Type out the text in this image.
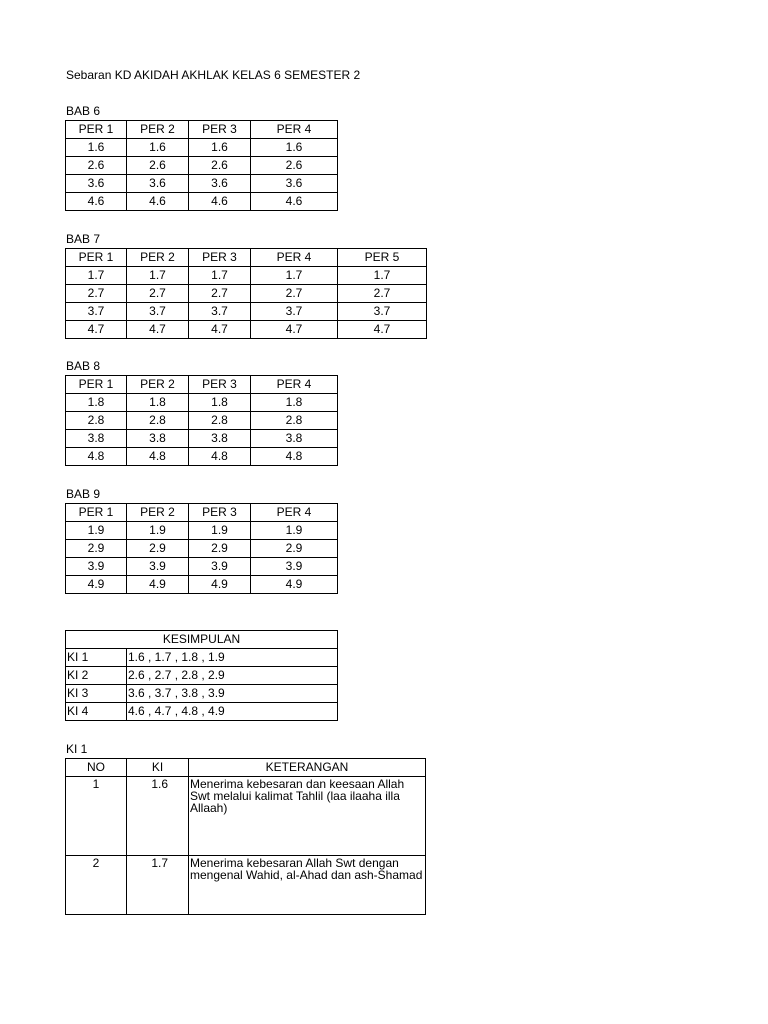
Sebaran KD AKIDAH AKHLAK KELAS 6 SEMESTER 2
BAB 6
PER 1	PER 2	PER 3	PER 4
1.6	1.6	1.6	1.6
2.6	2.6	2.6	2.6
3.6	3.6	3.6	3.6
4.6	4.6	4.6	4.6
BAB 7
PER 1	PER 2	PER 3	PER 4	PER 5
1.7	1.7	1.7	1.7	1.7
2.7	2.7	2.7	2.7	2.7
3.7	3.7	3.7	3.7	3.7
4.7	4.7	4.7	4.7	4.7
BAB 8
PER 1	PER 2	PER 3	PER 4
1.8	1.8	1.8	1.8
2.8	2.8	2.8	2.8
3.8	3.8	3.8	3.8
4.8	4.8	4.8	4.8
BAB 9
PER 1	PER 2	PER 3	PER 4
1.9	1.9	1.9	1.9
2.9	2.9	2.9	2.9
3.9	3.9	3.9	3.9
4.9	4.9	4.9	4.9
KESIMPULAN	
KI 1	1.6 , 1.7 , 1.8 , 1.9
KI 2	2.6 , 2.7 , 2.8 , 2.9
KI 3	3.6 , 3.7 , 3.8 , 3.9
KI 4	4.6 , 4.7 , 4.8 , 4.9
KI 1
NO	KI	KETERANGAN
1	1.6	Menerima kebesaran dan keesaan Allah Swt melalui kalimat Tahlil (laa ilaaha illa Allaah)
2	1.7	Menerima kebesaran Allah Swt dengan mengenal Wahid, al-Ahad dan ash-Shamad
